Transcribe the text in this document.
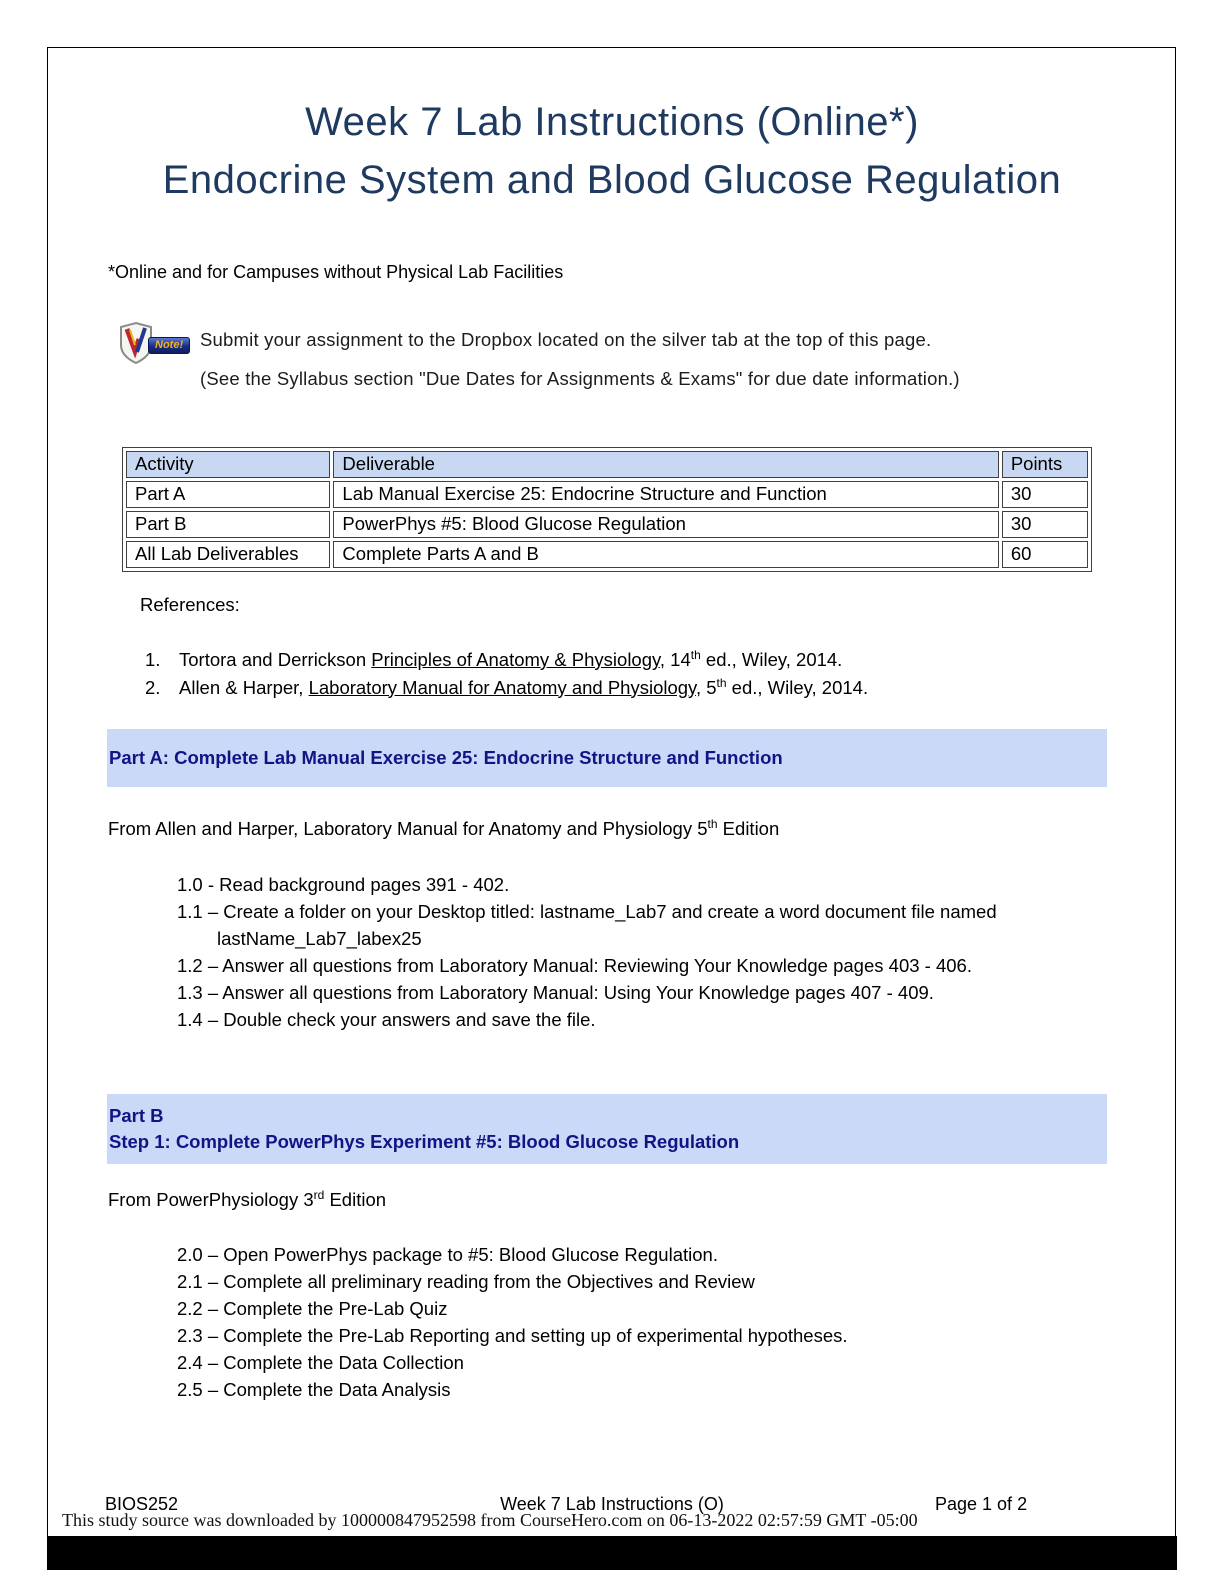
Week 7 Lab Instructions (Online*)
Endocrine System and Blood Glucose Regulation
*Online and for Campuses without Physical Lab Facilities
Note! Submit your assignment to the Dropbox located on the silver tab at the top of this page.
(See the Syllabus section "Due Dates for Assignments & Exams" for due date information.)
Activity	Deliverable	Points
Part A	Lab Manual Exercise 25: Endocrine Structure and Function	30
Part B	PowerPhys #5: Blood Glucose Regulation	30
All Lab Deliverables	Complete Parts A and B	60
References:
1.	Tortora and Derrickson Principles of Anatomy & Physiology, 14th ed., Wiley, 2014.
2.	Allen & Harper, Laboratory Manual for Anatomy and Physiology, 5th ed., Wiley, 2014.
Part A: Complete Lab Manual Exercise 25: Endocrine Structure and Function
From Allen and Harper, Laboratory Manual for Anatomy and Physiology 5th Edition
1.0 - Read background pages 391 - 402.
1.1 – Create a folder on your Desktop titled: lastname_Lab7 and create a word document file named lastName_Lab7_labex25
1.2 – Answer all questions from Laboratory Manual: Reviewing Your Knowledge pages 403 - 406.
1.3 – Answer all questions from Laboratory Manual: Using Your Knowledge pages 407 - 409.
1.4 – Double check your answers and save the file.
Part B
Step 1: Complete PowerPhys Experiment #5: Blood Glucose Regulation
From PowerPhysiology 3rd Edition
2.0 – Open PowerPhys package to #5: Blood Glucose Regulation.
2.1 – Complete all preliminary reading from the Objectives and Review
2.2 – Complete the Pre-Lab Quiz
2.3 – Complete the Pre-Lab Reporting and setting up of experimental hypotheses.
2.4 – Complete the Data Collection
2.5 – Complete the Data Analysis
BIOS252	Week 7 Lab Instructions (O)	Page 1 of 2
This study source was downloaded by 100000847952598 from CourseHero.com on 06-13-2022 02:57:59 GMT -05:00
